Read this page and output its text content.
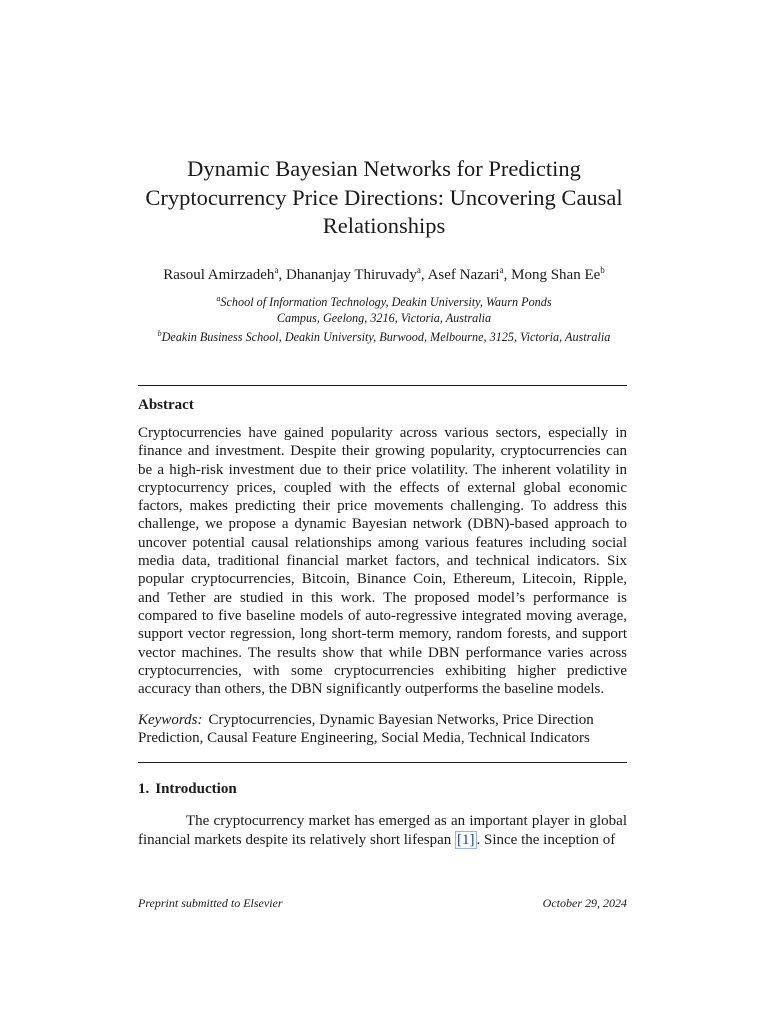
Dynamic Bayesian Networks for Predicting
Cryptocurrency Price Directions: Uncovering Causal
Relationships
Rasoul Amirzadeh$^a$, Dhananjay Thiruvady$^a$, Asef Nazari$^a$, Mong Shan Ee$^b$
$^a$School of Information Technology, Deakin University, Waurn Ponds
Campus, Geelong, 3216, Victoria, Australia
$^b$Deakin Business School, Deakin University, Burwood, Melbourne, 3125, Victoria, Australia
Abstract
Cryptocurrencies have gained popularity across various sectors, especially in finance and investment. Despite their growing popularity, cryptocurrencies can be a high-risk investment due to their price volatility. The inherent volatility in cryptocurrency prices, coupled with the effects of external global economic factors, makes predicting their price movements challenging. To address this challenge, we propose a dynamic Bayesian network (DBN)-based approach to uncover potential causal relationships among various features including social media data, traditional financial market factors, and technical indicators. Six popular cryptocurrencies, Bitcoin, Binance Coin, Ethereum, Litecoin, Ripple, and Tether are studied in this work. The proposed model’s performance is compared to five baseline models of auto-regressive integrated moving average, support vector regression, long short-term memory, random forests, and support vector machines. The results show that while DBN performance varies across cryptocurrencies, with some cryptocurrencies exhibiting higher predictive accuracy than others, the DBN significantly outperforms the baseline models.
Keywords: Cryptocurrencies, Dynamic Bayesian Networks, Price Direction Prediction, Causal Feature Engineering, Social Media, Technical Indicators
1. Introduction
The cryptocurrency market has emerged as an important player in global financial markets despite its relatively short lifespan [1] . Since the inception of
Preprint submitted to Elsevier	October 29, 2024
